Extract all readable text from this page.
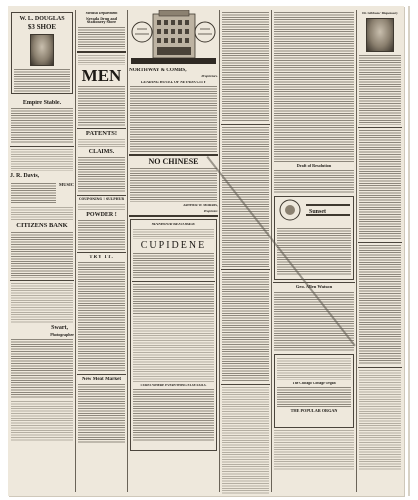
W. L. DOUGLAS
$3 SHOE
Empire Stable.
J. R. Davis,
MUSIC
CITIZENS BANK
Swart,
Photographer
Medical Department
Nevada Drug and Stationery Store
MEN
PATENTS!
CLAIMS.
COUPONING ! SULPHUR
POWDER !
TRY IT.
New Meat Market
NORTHWAY & COMBS,
Proprietors.
LEADING HOTEL OF NEVADA CITY
NO CHINESE
ARTHUR W. MORRIS,
Proprietor.
MANHOOD RESTORED!
CUPIDENE
CURES WHERE EVERYTHING ELSE FAILS.
Draft of Resolution
Sunset
Geo. Allen Watson
The Chicago Cottage Organ
THE POPULAR ORGAN
Dr. Gibbons' Dispensary
